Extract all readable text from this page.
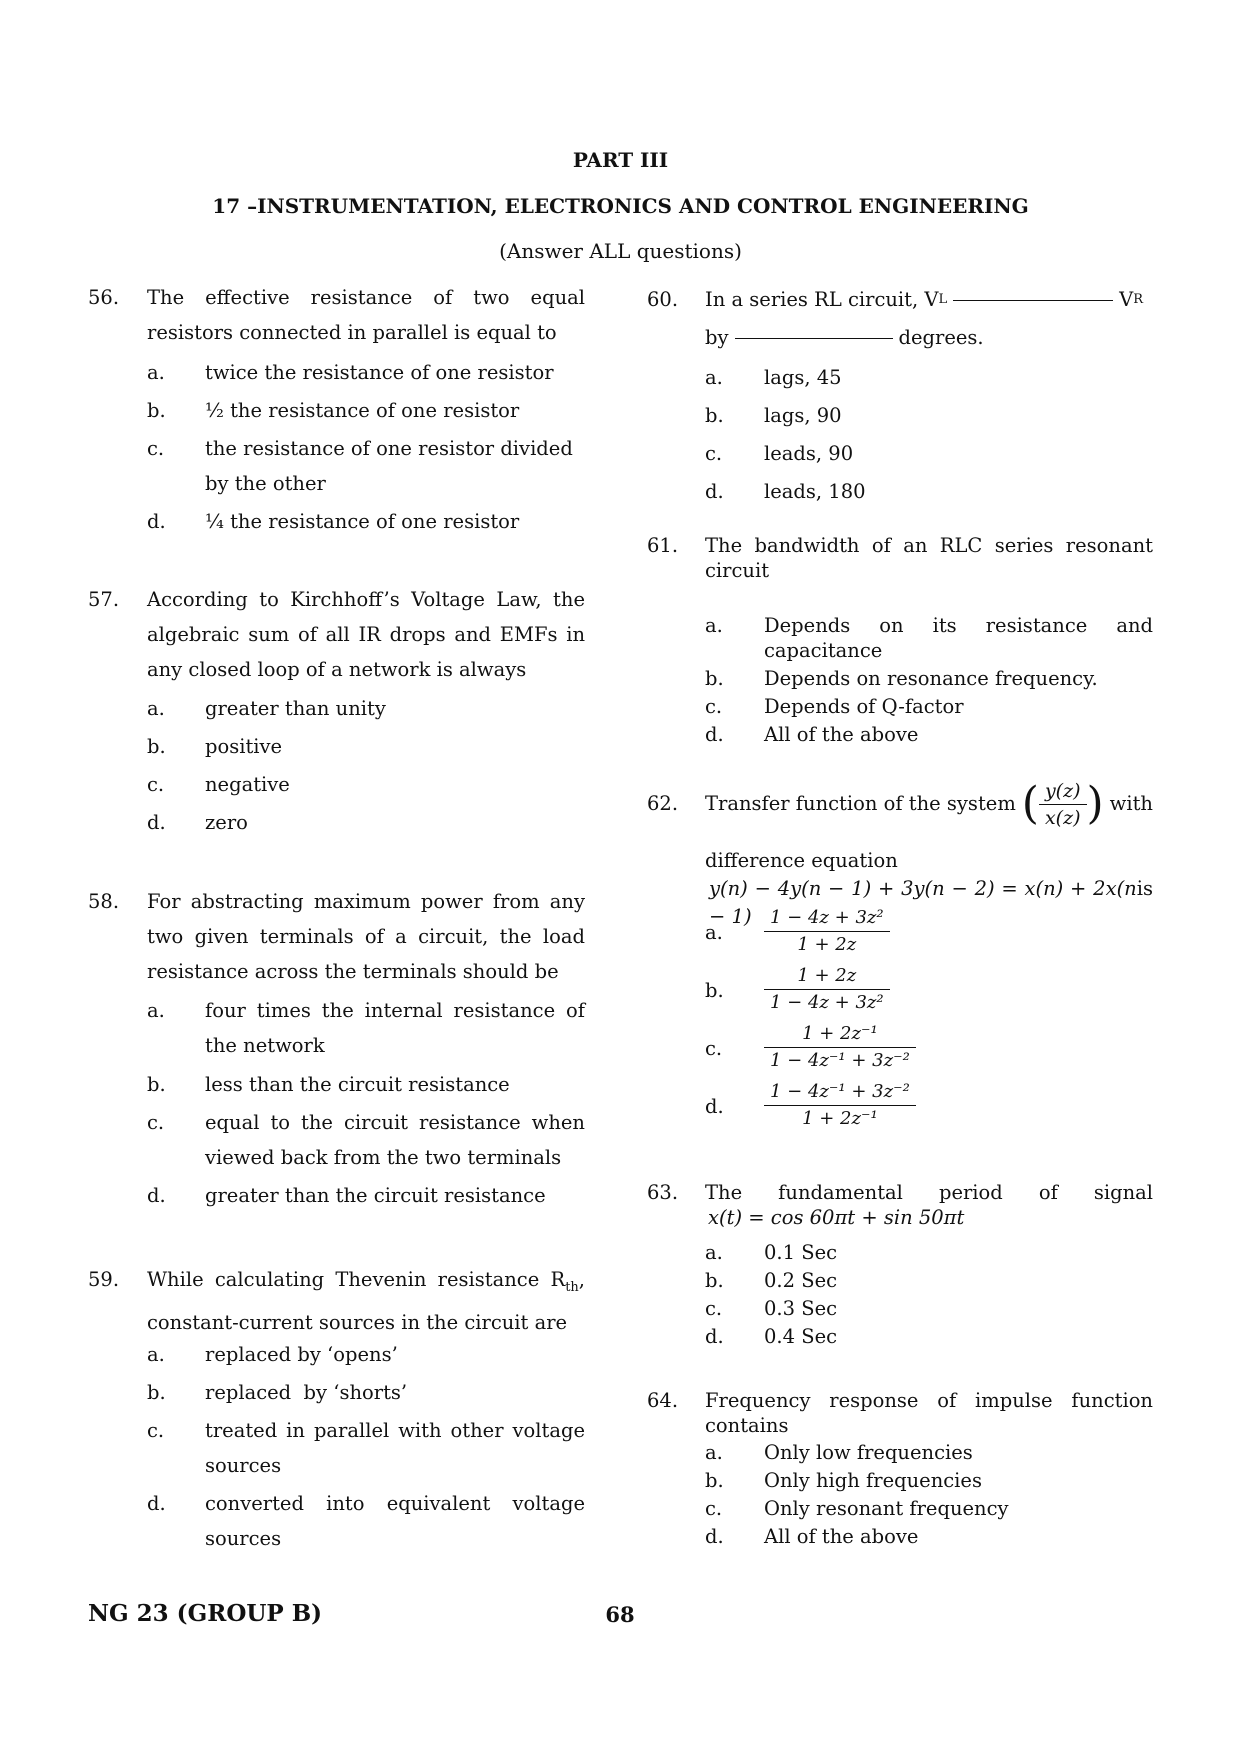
PART III
17 –INSTRUMENTATION, ELECTRONICS AND CONTROL ENGINEERING
(Answer ALL questions)
56. The effective resistance of two equal resistors connected in parallel is equal to
a. twice the resistance of one resistor
b. ½ the resistance of one resistor
c. the resistance of one resistor divided by the other
d. ¼ the resistance of one resistor
57. According to Kirchhoff’s Voltage Law, the algebraic sum of all IR drops and EMFs in any closed loop of a network is always
a. greater than unity
b. positive
c. negative
d. zero
58. For abstracting maximum power from any two given terminals of a circuit, the load resistance across the terminals should be
a. four times the internal resistance of the network
b. less than the circuit resistance
c. equal to the circuit resistance when viewed back from the two terminals
d. greater than the circuit resistance
59. While calculating Thevenin resistance $R_{th}$, constant-current sources in the circuit are
a. replaced by ‘opens’
b. replaced  by ‘shorts’
c. treated in parallel with other voltage sources
d. converted into equivalent voltage sources
60. In a series RL circuit, V L	V R
by	degrees.
a. lags, 45
b. lags, 90
c. leads, 90
d. leads, 180
61. The bandwidth of an RLC series resonant circuit
a. Depends on its resistance and capacitance
b. Depends on resonance frequency.
c. Depends of Q-factor
d. All of the above
62. Transfer function of the system ( $\frac{y(z)}{x(z)}$ ) with
difference equation
y(n) − 4y(n − 1) + 3y(n − 2) = x(n) + 2x(n − 1)
is
a. $\frac{\text{1 − 4z + 3z²}}{1 + 2z}$
b. $\frac{1 + 2z}{\text{1 − 4z + 3z²}}$
c. $\frac{\text{1 + 2z⁻¹}}{\text{1 − 4z⁻¹ + 3z⁻²}}$
d. $\frac{\text{1 − 4z⁻¹ + 3z⁻²}}{\text{1 + 2z⁻¹}}$
63. The fundamental period of signal
x(t) = cos 60πt + sin 50πt
a. 0.1 Sec
b. 0.2 Sec
c. 0.3 Sec
d. 0.4 Sec
64. Frequency response of impulse function contains
a. Only low frequencies
b. Only high frequencies
c. Only resonant frequency
d. All of the above
NG 23 (GROUP B)	68
